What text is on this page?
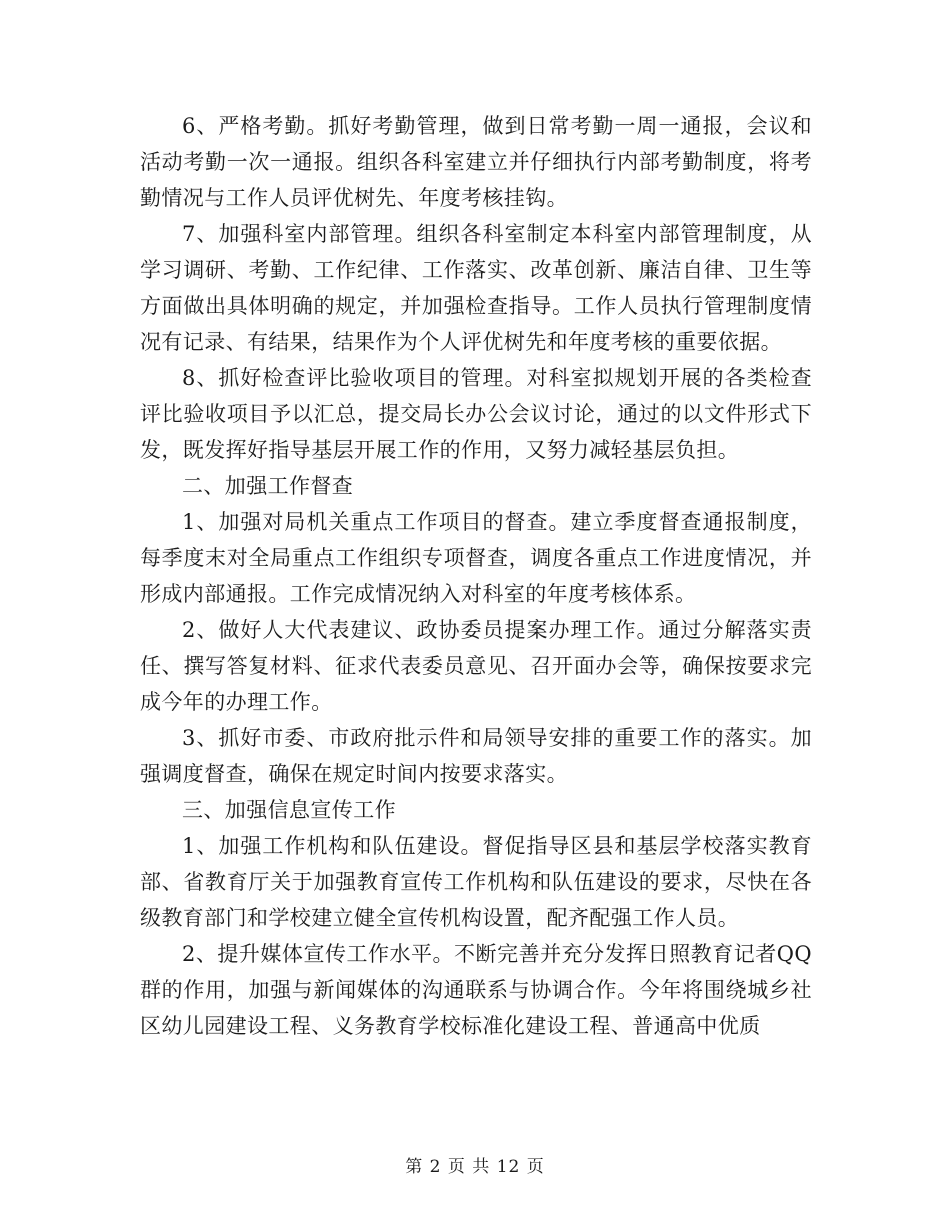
6、严格考勤。抓好考勤管理，做到日常考勤一周一通报，会议和活动考勤一次一通报。组织各科室建立并仔细执行内部考勤制度，将考勤情况与工作人员评优树先、年度考核挂钩。

7、加强科室内部管理。组织各科室制定本科室内部管理制度，从学习调研、考勤、工作纪律、工作落实、改革创新、廉洁自律、卫生等方面做出具体明确的规定，并加强检查指导。工作人员执行管理制度情况有记录、有结果，结果作为个人评优树先和年度考核的重要依据。

8、抓好检查评比验收项目的管理。对科室拟规划开展的各类检查评比验收项目予以汇总，提交局长办公会议讨论，通过的以文件形式下发，既发挥好指导基层开展工作的作用，又努力减轻基层负担。

二、加强工作督查

1、加强对局机关重点工作项目的督查。建立季度督查通报制度，每季度末对全局重点工作组织专项督查，调度各重点工作进度情况，并形成内部通报。工作完成情况纳入对科室的年度考核体系。

2、做好人大代表建议、政协委员提案办理工作。通过分解落实责任、撰写答复材料、征求代表委员意见、召开面办会等，确保按要求完成今年的办理工作。

3、抓好市委、市政府批示件和局领导安排的重要工作的落实。加强调度督查，确保在规定时间内按要求落实。

三、加强信息宣传工作

1、加强工作机构和队伍建设。督促指导区县和基层学校落实教育部、省教育厅关于加强教育宣传工作机构和队伍建设的要求，尽快在各级教育部门和学校建立健全宣传机构设置，配齐配强工作人员。

2、提升媒体宣传工作水平。不断完善并充分发挥日照教育记者QQ群的作用，加强与新闻媒体的沟通联系与协调合作。今年将围绕城乡社区幼儿园建设工程、义务教育学校标准化建设工程、普通高中优质

第 2 页 共 12 页
